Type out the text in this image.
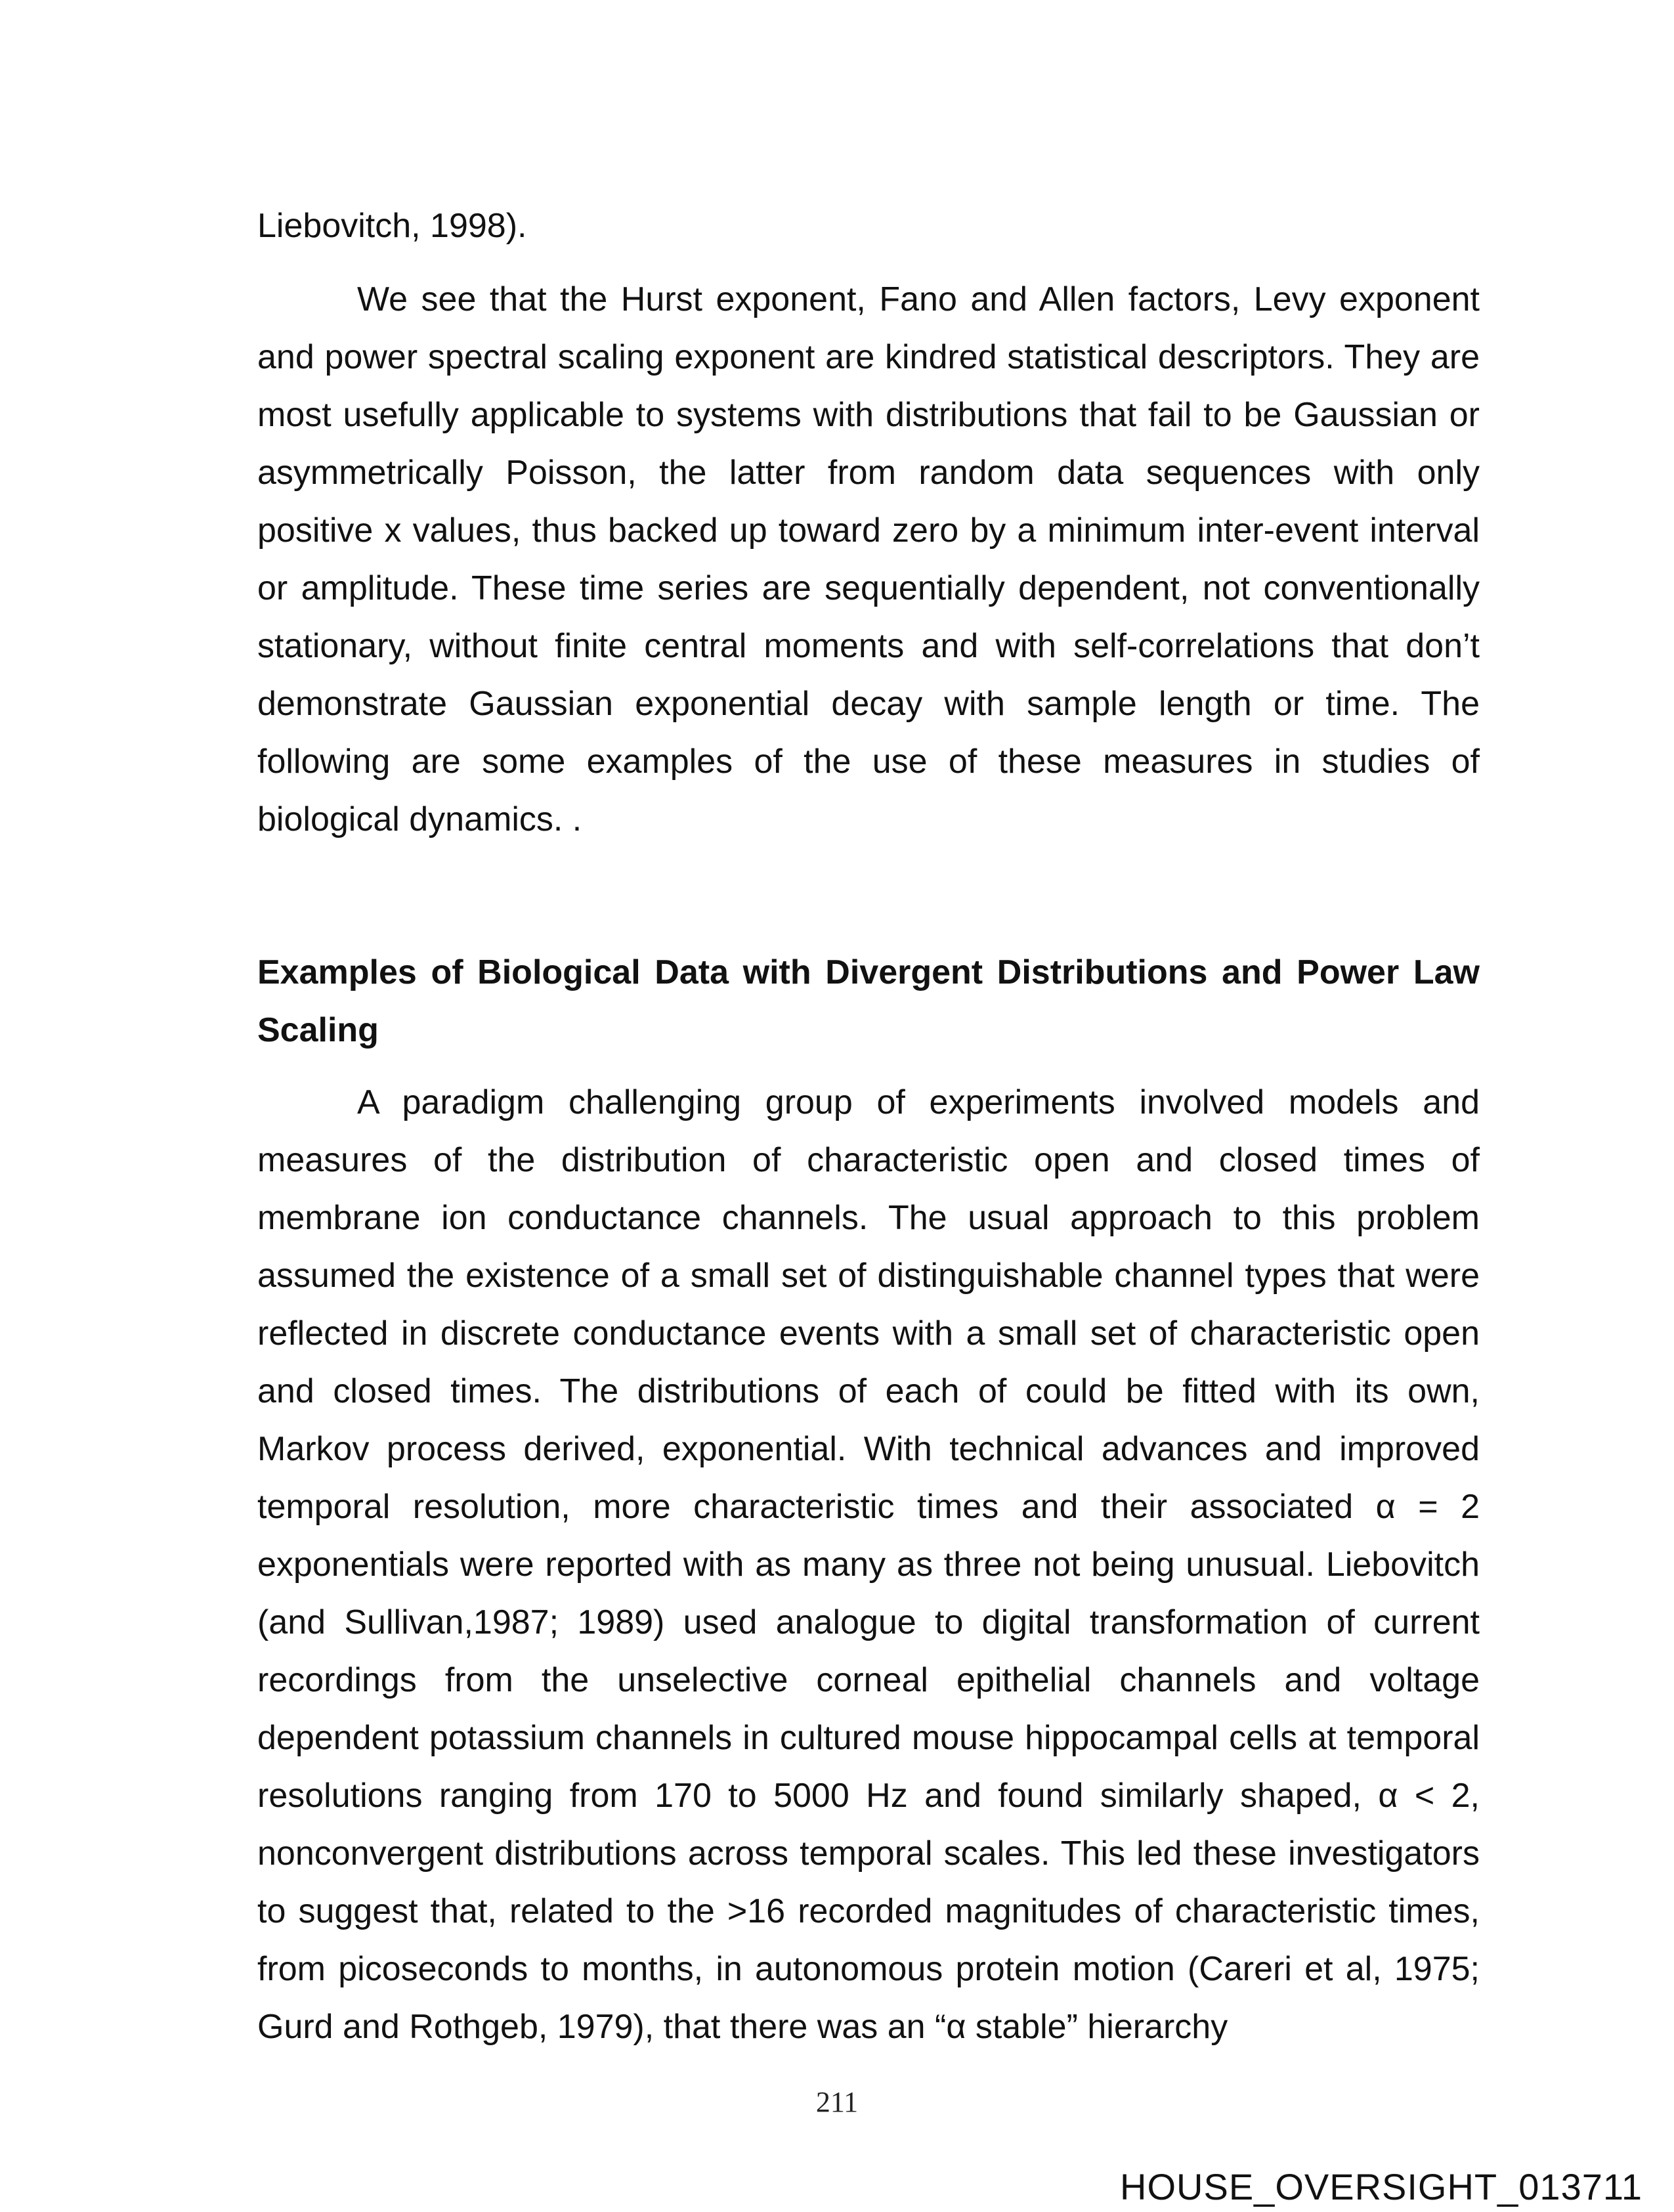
Liebovitch, 1998).

We see that the Hurst exponent, Fano and Allen factors, Levy exponent and power spectral scaling exponent are kindred statistical descriptors. They are most usefully applicable to systems with distributions that fail to be Gaussian or asymmetrically Poisson, the latter from random data sequences with only positive x values, thus backed up toward zero by a minimum inter-event interval or amplitude. These time series are sequentially dependent, not conventionally stationary, without finite central moments and with self-correlations that don’t demonstrate Gaussian exponential decay with sample length or time. The following are some examples of the use of these measures in studies of biological dynamics. .

Examples of Biological Data with Divergent Distributions and Power Law Scaling

A paradigm challenging group of experiments involved models and measures of the distribution of characteristic open and closed times of membrane ion conductance channels. The usual approach to this problem assumed the existence of a small set of distinguishable channel types that were reflected in discrete conductance events with a small set of characteristic open and closed times. The distributions of each of could be fitted with its own, Markov process derived, exponential. With technical advances and improved temporal resolution, more characteristic times and their associated α = 2 exponentials were reported with as many as three not being unusual. Liebovitch (and Sullivan,1987; 1989) used analogue to digital transformation of current recordings from the unselective corneal epithelial channels and voltage dependent potassium channels in cultured mouse hippocampal cells at temporal resolutions ranging from 170 to 5000 Hz and found similarly shaped, α < 2, nonconvergent distributions across temporal scales. This led these investigators to suggest that, related to the >16 recorded magnitudes of characteristic times, from picoseconds to months, in autonomous protein motion (Careri et al, 1975; Gurd and Rothgeb, 1979), that there was an “α stable” hierarchy

211
HOUSE_OVERSIGHT_013711
